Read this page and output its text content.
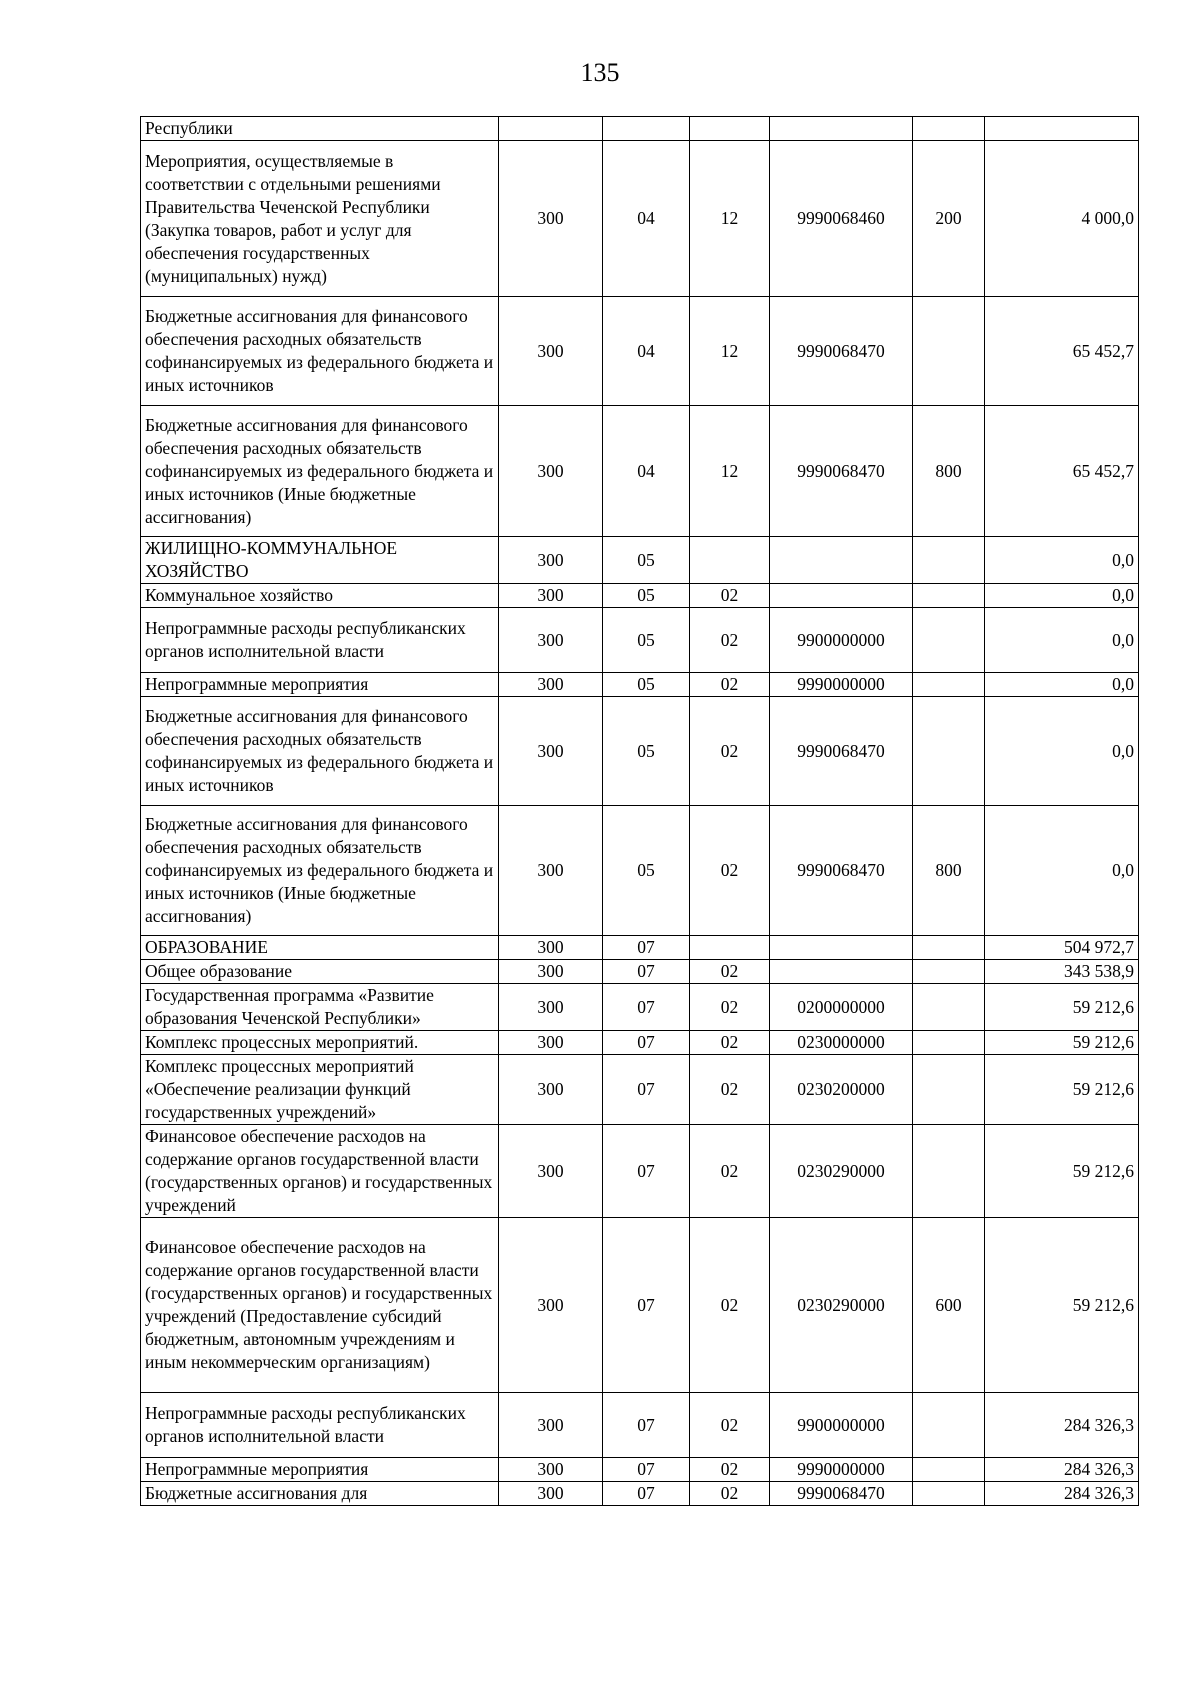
135
Республики						
Мероприятия, осуществляемые в соответствии с отдельными решениями Правительства Чеченской Республики (Закупка товаров, работ и услуг для обеспечения государственных (муниципальных) нужд)	300	04	12	9990068460	200	4 000,0
Бюджетные ассигнования для финансового обеспечения расходных обязательств софинансируемых из федерального бюджета и иных источников	300	04	12	9990068470		65 452,7
Бюджетные ассигнования для финансового обеспечения расходных обязательств софинансируемых из федерального бюджета и иных источников (Иные бюджетные ассигнования)	300	04	12	9990068470	800	65 452,7
ЖИЛИЩНО-КОММУНАЛЬНОЕ ХОЗЯЙСТВО	300	05				0,0
Коммунальное хозяйство	300	05	02			0,0
Непрограммные расходы республиканских органов исполнительной власти	300	05	02	9900000000		0,0
Непрограммные мероприятия	300	05	02	9990000000		0,0
Бюджетные ассигнования для финансового обеспечения расходных обязательств софинансируемых из федерального бюджета и иных источников	300	05	02	9990068470		0,0
Бюджетные ассигнования для финансового обеспечения расходных обязательств софинансируемых из федерального бюджета и иных источников (Иные бюджетные ассигнования)	300	05	02	9990068470	800	0,0
ОБРАЗОВАНИЕ	300	07				504 972,7
Общее образование	300	07	02			343 538,9
Государственная программа «Развитие образования Чеченской Республики»	300	07	02	0200000000		59 212,6
Комплекс процессных мероприятий.	300	07	02	0230000000		59 212,6
Комплекс процессных мероприятий «Обеспечение реализации функций государственных учреждений»	300	07	02	0230200000		59 212,6
Финансовое обеспечение расходов на содержание органов государственной власти (государственных органов) и государственных учреждений	300	07	02	0230290000		59 212,6
Финансовое обеспечение расходов на содержание органов государственной власти (государственных органов) и государственных учреждений (Предоставление субсидий бюджетным, автономным учреждениям и иным некоммерческим организациям)	300	07	02	0230290000	600	59 212,6
Непрограммные расходы республиканских органов исполнительной власти	300	07	02	9900000000		284 326,3
Непрограммные мероприятия	300	07	02	9990000000		284 326,3
Бюджетные ассигнования для	300	07	02	9990068470		284 326,3
